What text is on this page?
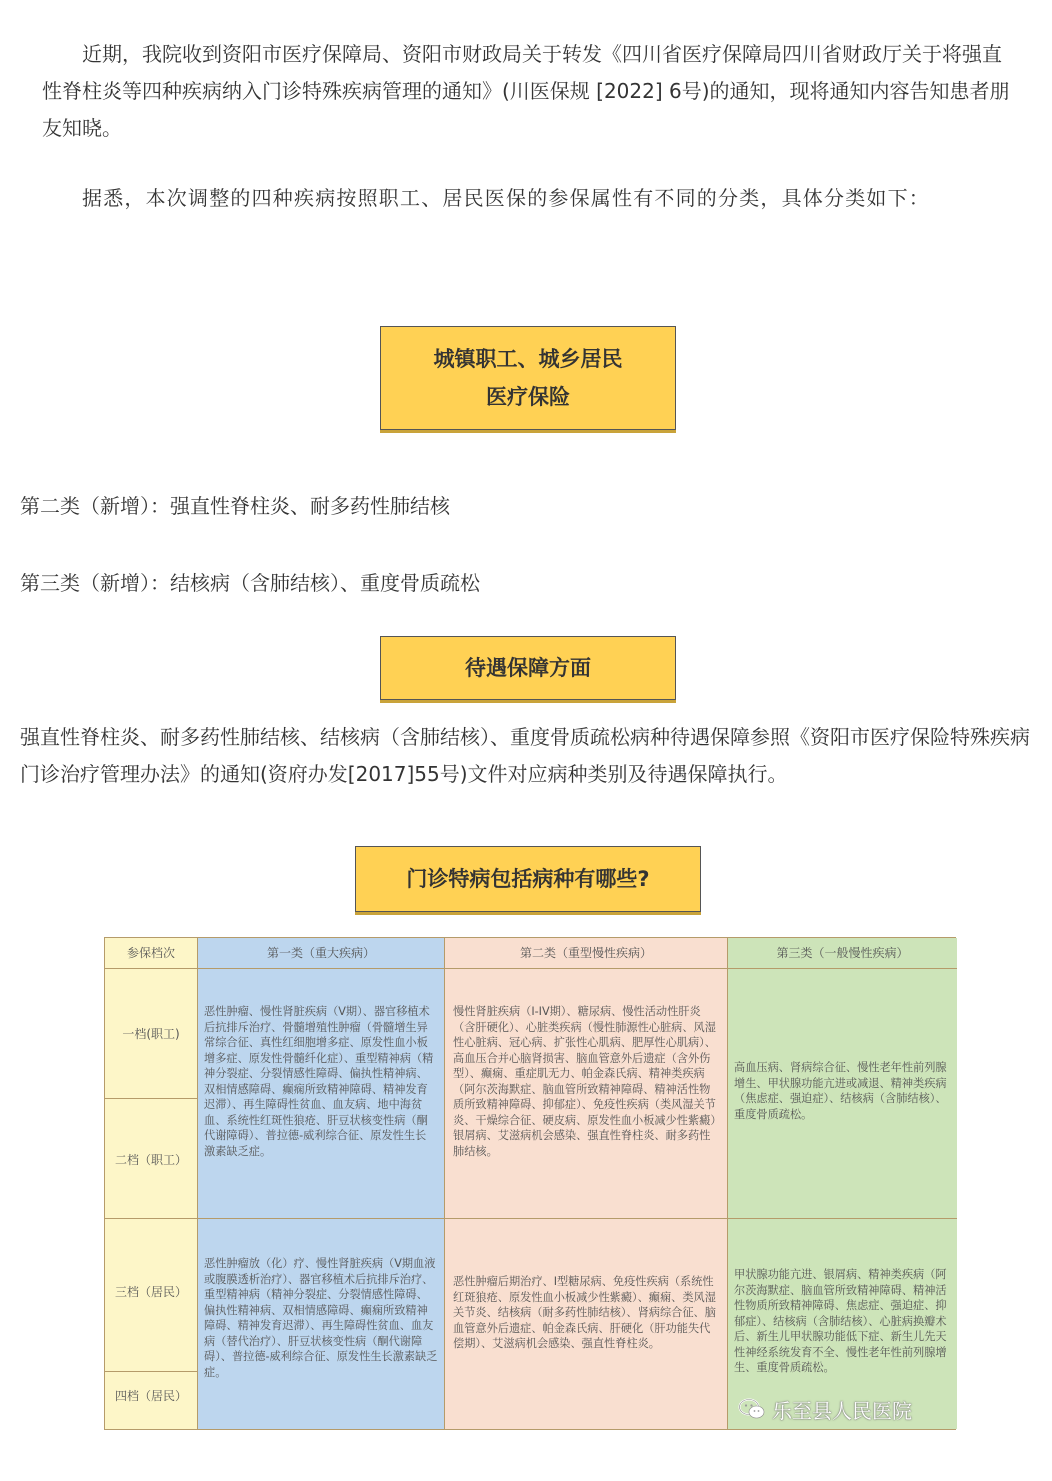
近期，我院收到资阳市医疗保障局、资阳市财政局关于转发《四川省医疗保障局四川省财政厅关于将强直性脊柱炎等四种疾病纳入门诊特殊疾病管理的通知》(川医保规 [2022] 6号)的通知，现将通知内容告知患者朋友知晓。

据悉，本次调整的四种疾病按照职工、居民医保的参保属性有不同的分类，具体分类如下：

城镇职工、城乡居民
医疗保险

第二类（新增）：强直性脊柱炎、耐多药性肺结核

第三类（新增）：结核病（含肺结核）、重度骨质疏松

待遇保障方面

强直性脊柱炎、耐多药性肺结核、结核病（含肺结核）、重度骨质疏松病种待遇保障参照《资阳市医疗保险特殊疾病门诊治疗管理办法》的通知(资府办发[2017]55号)文件对应病种类别及待遇保障执行。

门诊特病包括病种有哪些?
参保档次
一档(职工)
二档（职工）
三档（居民）
四档（居民）
第一类（重大疾病）
恶性肿瘤、慢性肾脏疾病（V期）、器官移植术后抗排斥治疗、骨髓增殖性肿瘤（骨髓增生异常综合征、真性红细胞增多症、原发性血小板增多症、原发性骨髓纤化症）、重型精神病（精神分裂症、分裂情感性障碍、偏执性精神病、双相情感障碍、癫痫所致精神障碍、精神发育迟滞）、再生障碍性贫血、血友病、地中海贫血、系统性红斑性狼疮、肝豆状核变性病（酮代谢障碍）、普拉德-威利综合征、原发性生长激素缺乏症。
恶性肿瘤放（化）疗、慢性肾脏疾病（V期血液或腹膜透析治疗）、器官移植术后抗排斥治疗、重型精神病（精神分裂症、分裂情感性障碍、偏执性精神病、双相情感障碍、癫痫所致精神障碍、精神发育迟滞）、再生障碍性贫血、血友病（替代治疗）、肝豆状核变性病（酮代谢障碍）、普拉德-威利综合征、原发性生长激素缺乏症。
第二类（重型慢性疾病）
慢性肾脏疾病（I-IV期）、糖尿病、慢性活动性肝炎（含肝硬化）、心脏类疾病（慢性肺源性心脏病、风湿性心脏病、冠心病、扩张性心肌病、肥厚性心肌病）、高血压合并心脑肾损害、脑血管意外后遗症（含外伤型）、癫痫、重症肌无力、帕金森氏病、精神类疾病（阿尔茨海默症、脑血管所致精神障碍、精神活性物质所致精神障碍、抑郁症）、免疫性疾病（类风湿关节炎、干燥综合征、硬皮病、原发性血小板减少性紫癜）银屑病、艾滋病机会感染、强直性脊柱炎、耐多药性肺结核。
恶性肿瘤后期治疗、I型糖尿病、免疫性疾病（系统性红斑狼疮、原发性血小板减少性紫癜）、癫痫、类风湿关节炎、结核病（耐多药性肺结核）、肾病综合征、脑血管意外后遗症、帕金森氏病、肝硬化（肝功能失代偿期）、艾滋病机会感染、强直性脊柱炎。
第三类（一般慢性疾病）
高血压病、肾病综合征、慢性老年性前列腺增生、甲状腺功能亢进或减退、精神类疾病（焦虑症、强迫症）、结核病（含肺结核）、重度骨质疏松。
甲状腺功能亢进、银屑病、精神类疾病（阿尔茨海默症、脑血管所致精神障碍、精神活性物质所致精神障碍、焦虑症、强迫症、抑郁症）、结核病（含肺结核）、心脏病换瓣术后、新生儿甲状腺功能低下症、新生儿先天性神经系统发育不全、慢性老年性前列腺增生、重度骨质疏松。
乐至县人民医院
